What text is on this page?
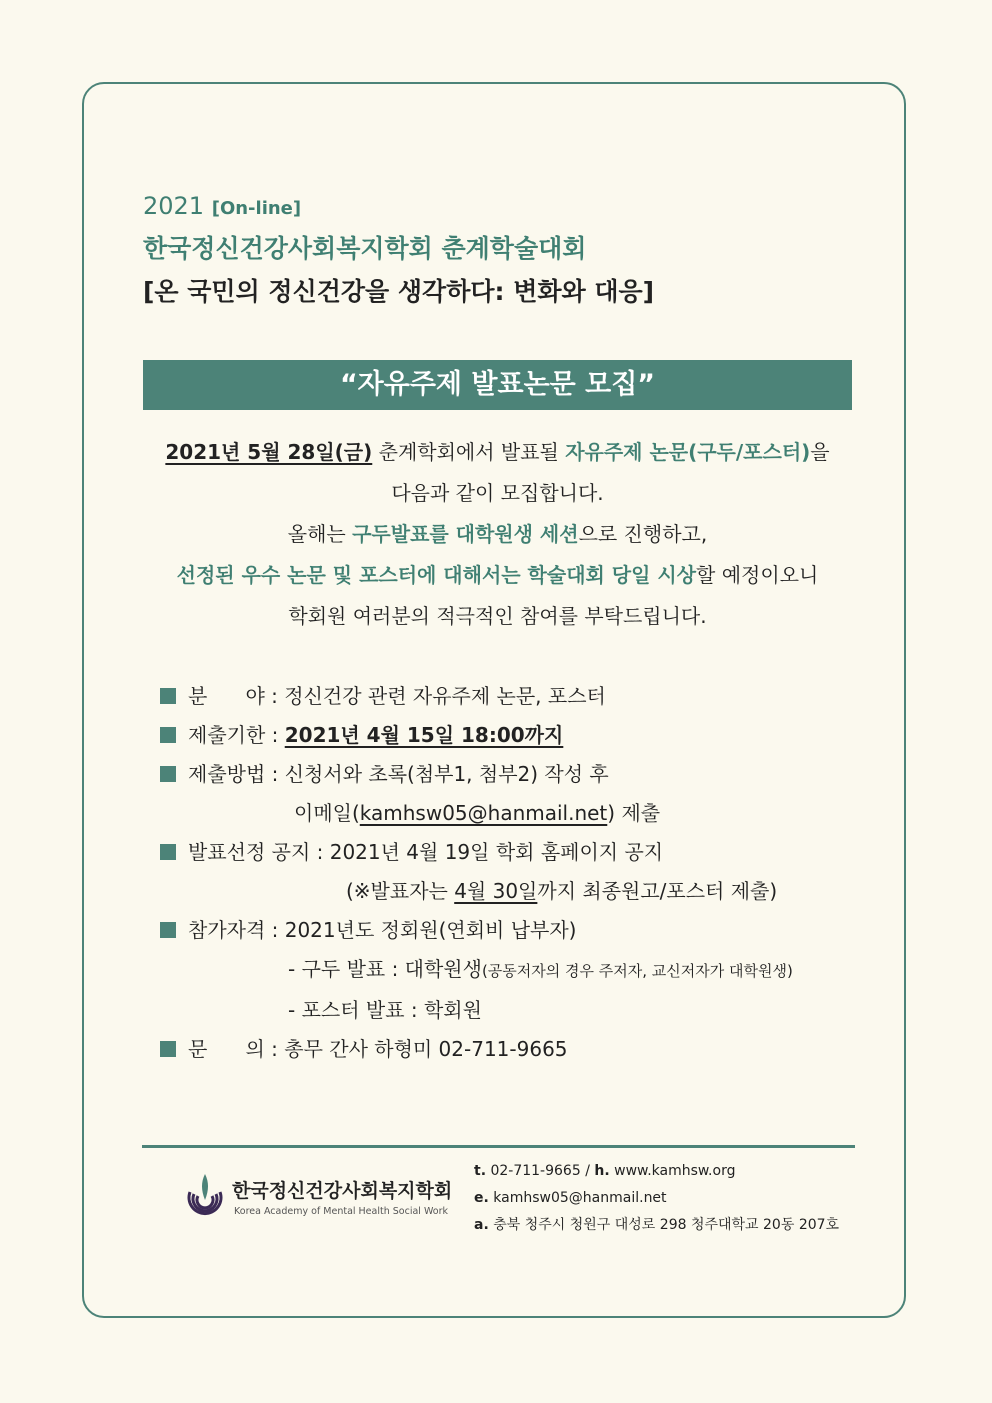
2021 [On-line]
한국정신건강사회복지학회 춘계학술대회
[온 국민의 정신건강을 생각하다: 변화와 대응]
“자유주제 발표논문 모집”
2021년 5월 28일(금) 춘계학회에서 발표될 자유주제 논문(구두/포스터)을
다음과 같이 모집합니다.
올해는 구두발표를 대학원생 세션으로 진행하고,
선정된 우수 논문 및 포스터에 대해서는 학술대회 당일 시상할 예정이오니
학회원 여러분의 적극적인 참여를 부탁드립니다.
분      야 : 정신건강 관련 자유주제 논문, 포스터
제출기한 : 2021년 4월 15일 18:00까지
제출방법 : 신청서와 초록(첨부1, 첨부2) 작성 후
이메일(kamhsw05@hanmail.net) 제출
발표선정 공지 : 2021년 4월 19일 학회 홈페이지 공지
(※발표자는 4월 30일까지 최종원고/포스터 제출)
참가자격 : 2021년도 정회원(연회비 납부자)
- 구두 발표 : 대학원생(공동저자의 경우 주저자, 교신저자가 대학원생)
- 포스터 발표 : 학회원
문      의 : 총무 간사 하형미 02-711-9665
한국정신건강사회복지학회
Korea Academy of Mental Health Social Work
t. 02-711-9665 / h. www.kamhsw.org
e. kamhsw05@hanmail.net
a. 충북 청주시 청원구 대성로 298 청주대학교 20동 207호
